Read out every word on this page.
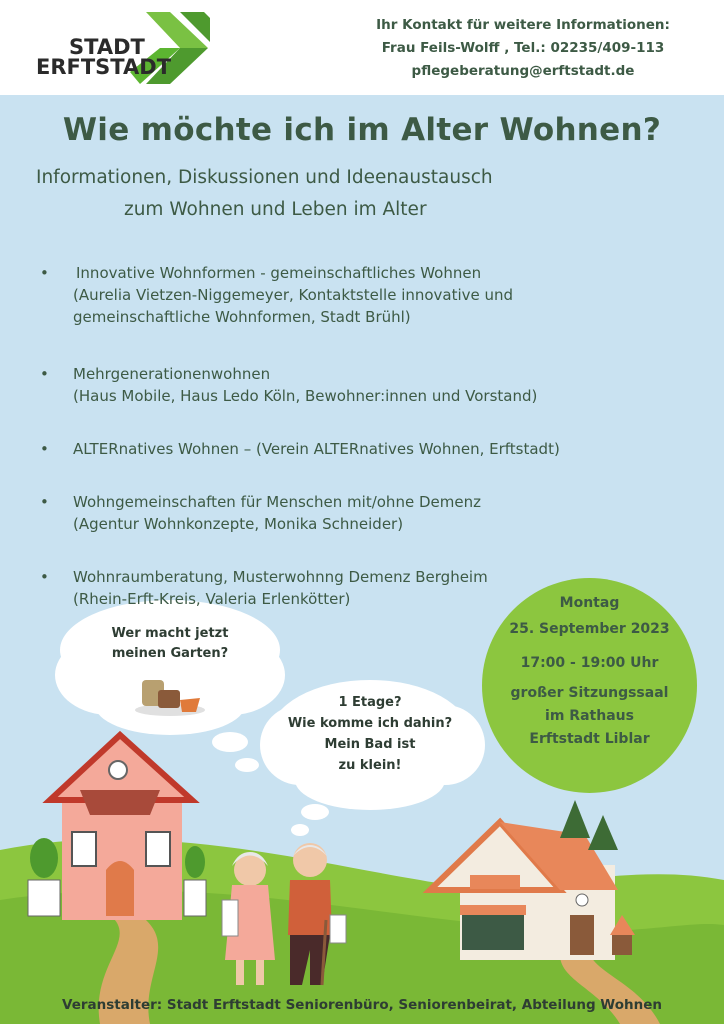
STADT
ERFTSTADT
Ihr Kontakt für weitere Informationen:
Frau Feils-Wolff , Tel.: 02235/409-113
pflegeberatung@erftstadt.de
Wie möchte ich im Alter Wohnen?
Informationen, Diskussionen und Ideenaustausch
zum Wohnen und Leben im Alter
• Innovative Wohnformen - gemeinschaftliches Wohnen
(Aurelia Vietzen-Niggemeyer, Kontaktstelle innovative und
gemeinschaftliche Wohnformen, Stadt Brühl)
• Mehrgenerationenwohnen
(Haus Mobile, Haus Ledo Köln, Bewohner:innen und Vorstand)
• ALTERnatives Wohnen – (Verein ALTERnatives Wohnen, Erftstadt)
• Wohngemeinschaften für Menschen mit/ohne Demenz
(Agentur Wohnkonzepte, Monika Schneider)
• Wohnraumberatung, Musterwohnng Demenz Bergheim
(Rhein-Erft-Kreis, Valeria Erlenkötter)	Montag
25. September 2023
17:00 - 19:00 Uhr
großer Sitzungssaal
im Rathaus
Erftstadt Liblar
Wer macht jetzt
meinen Garten?
1 Etage?
Wie komme ich dahin?
Mein Bad ist
zu klein!
Veranstalter: Stadt Erftstadt Seniorenbüro, Seniorenbeirat, Abteilung Wohnen
